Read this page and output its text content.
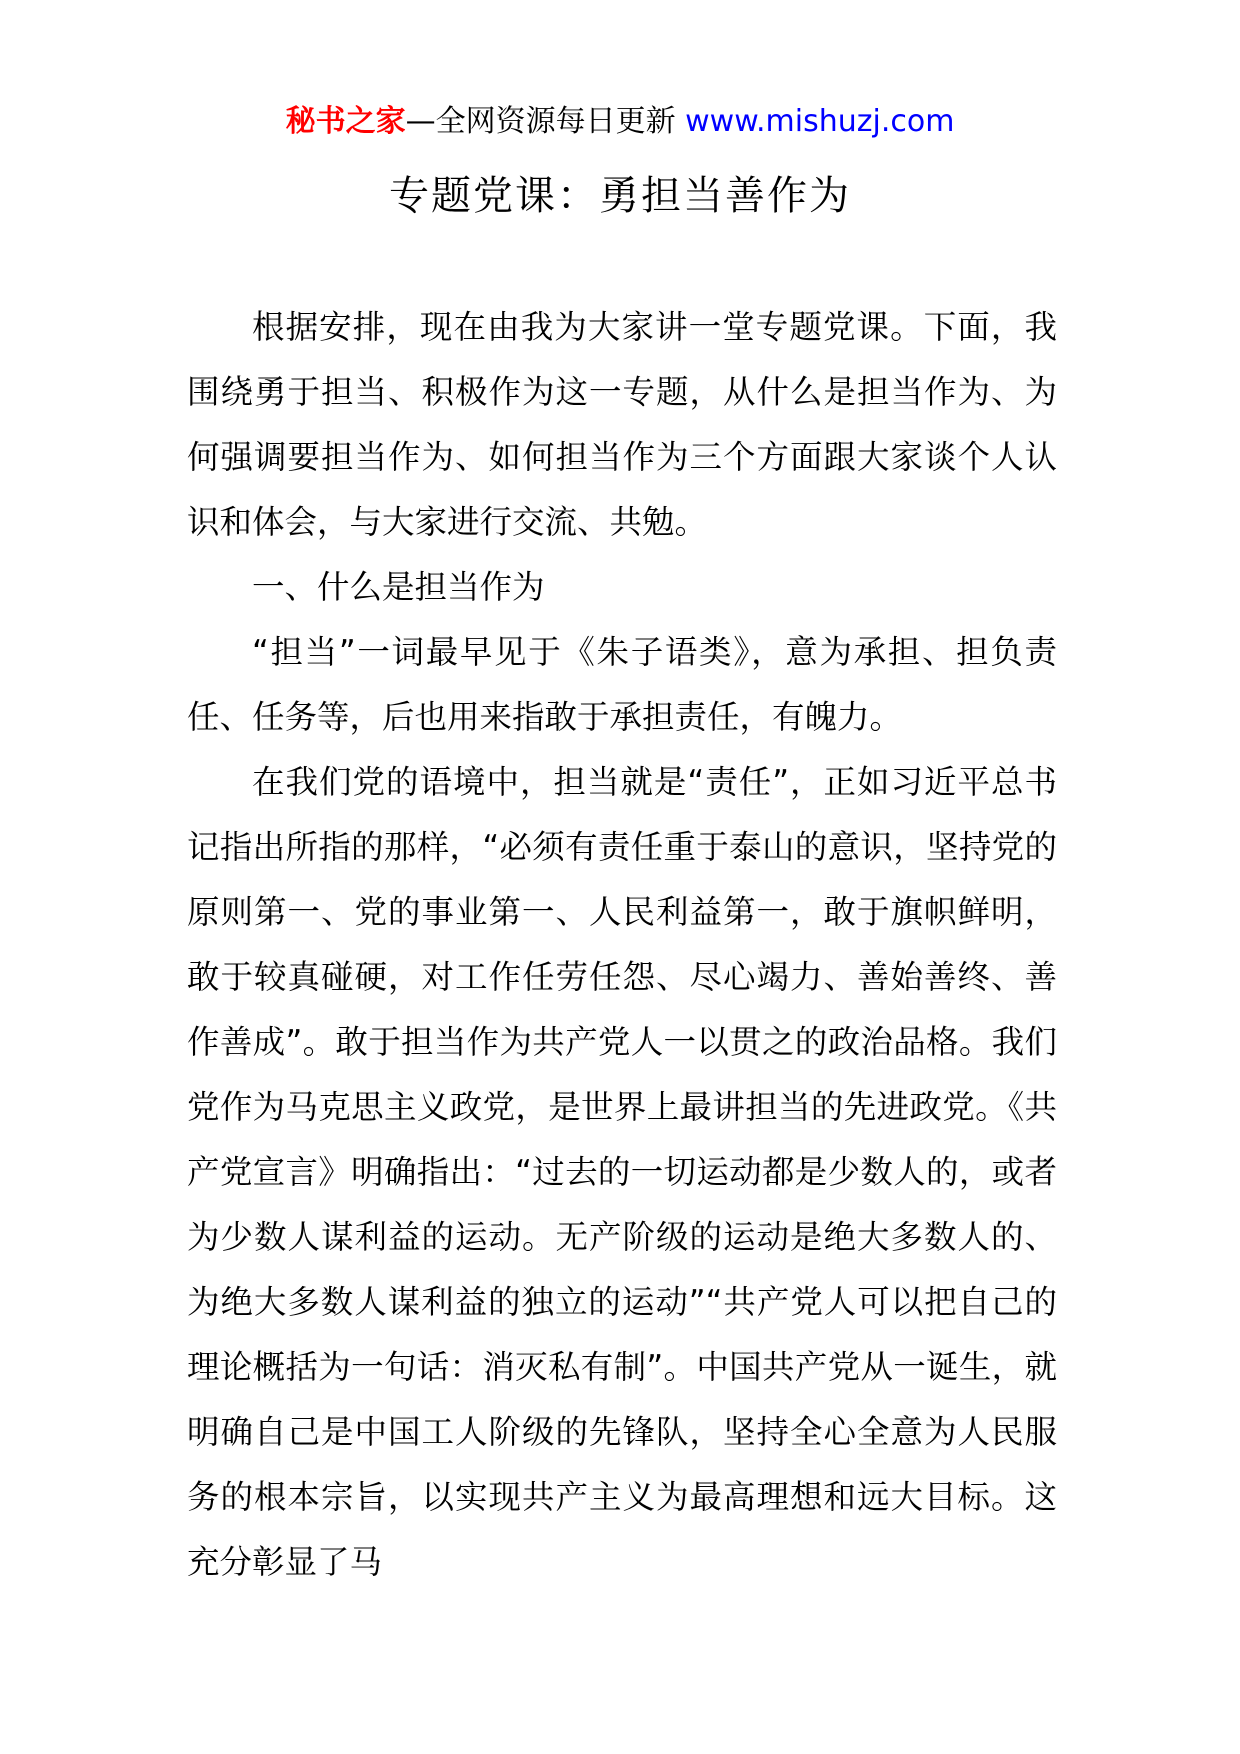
秘书之家—全网资源每日更新 www.mishuzj.com
专题党课：勇担当善作为

根据安排，现在由我为大家讲一堂专题党课。下面，我围绕勇于担当、积极作为这一专题，从什么是担当作为、为何强调要担当作为、如何担当作为三个方面跟大家谈个人认识和体会，与大家进行交流、共勉。

一、什么是担当作为

“担当”一词最早见于《朱子语类》，意为承担、担负责任、任务等，后也用来指敢于承担责任，有魄力。

在我们党的语境中，担当就是“责任”，正如习近平总书记指出所指的那样，“必须有责任重于泰山的意识，坚持党的原则第一、党的事业第一、人民利益第一，敢于旗帜鲜明，敢于较真碰硬，对工作任劳任怨、尽心竭力、善始善终、善作善成”。敢于担当作为共产党人一以贯之的政治品格。我们党作为马克思主义政党，是世界上最讲担当的先进政党。《共产党宣言》明确指出：“过去的一切运动都是少数人的，或者为少数人谋利益的运动。无产阶级的运动是绝大多数人的、为绝大多数人谋利益的独立的运动”“共产党人可以把自己的理论概括为一句话：消灭私有制”。中国共产党从一诞生，就明确自己是中国工人阶级的先锋队，坚持全心全意为人民服务的根本宗旨，以实现共产主义为最高理想和远大目标。这充分彰显了马
